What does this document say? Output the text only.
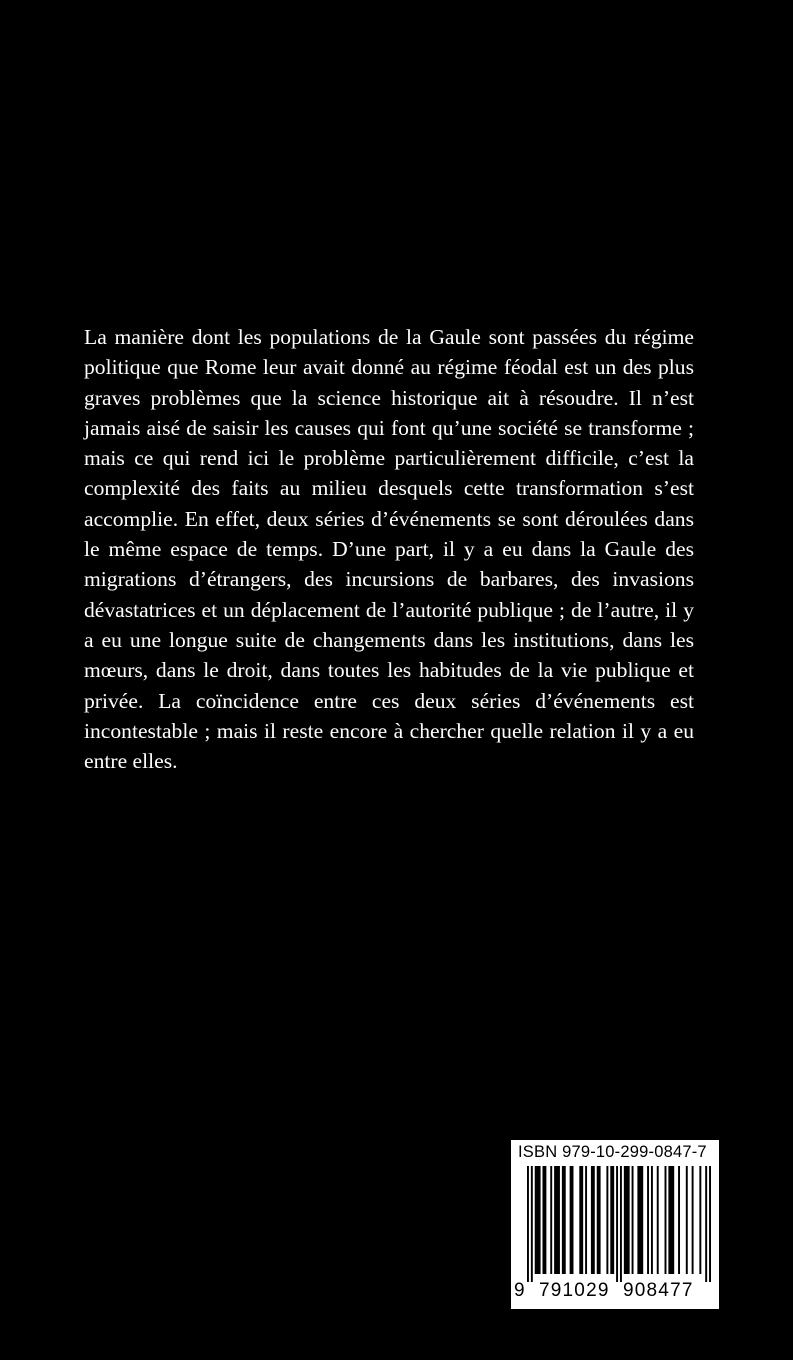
La manière dont les populations de la Gaule sont passées du régime politique que Rome leur avait donné au régime féodal est un des plus graves problèmes que la science historique ait à résoudre. Il n’est jamais aisé de saisir les causes qui font qu’une société se transforme ; mais ce qui rend ici le problème particulièrement difficile, c’est la complexité des faits au milieu desquels cette transformation s’est accomplie. En effet, deux séries d’événements se sont déroulées dans le même espace de temps. D’une part, il y a eu dans la Gaule des migrations d’étrangers, des incursions de barbares, des invasions dévastatrices et un déplacement de l’autorité publique ; de l’autre, il y a eu une longue suite de changements dans les institutions, dans les mœurs, dans le droit, dans toutes les habitudes de la vie publique et privée. La coïncidence entre ces deux séries d’événements est incontestable ; mais il reste encore à chercher quelle relation il y a eu entre elles.

ISBN 979-10-299-0847-7
9 791029 908477
